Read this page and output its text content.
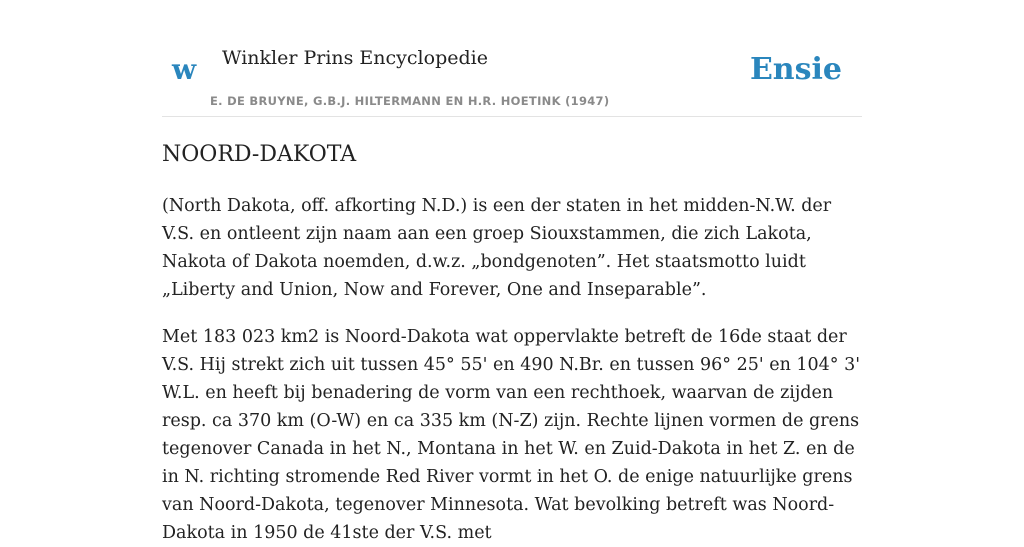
w Winkler Prins Encyclopedie
E. DE BRUYNE, G.B.J. HILTERMANN EN H.R. HOETINK (1947)
Ensie
NOORD-DAKOTA

(North Dakota, off. afkorting N.D.) is een der staten in het midden-N.W. der V.S. en ontleent zijn naam aan een groep Siouxstammen, die zich Lakota, Nakota of Dakota noemden, d.w.z. „bondgenoten”. Het staatsmotto luidt „Liberty and Union, Now and Forever, One and Inseparable”.

Met 183 023 km2 is Noord-Dakota wat oppervlakte betreft de 16de staat der V.S. Hij strekt zich uit tussen 45° 55' en 490 N.Br. en tussen 96° 25' en 104° 3' W.L. en heeft bij benadering de vorm van een rechthoek, waarvan de zijden resp. ca 370 km (O-W) en ca 335 km (N-Z) zijn. Rechte lijnen vormen de grens tegenover Canada in het N., Montana in het W. en Zuid-Dakota in het Z. en de in N. richting stromende Red River vormt in het O. de enige natuurlijke grens van Noord-Dakota, tegenover Minnesota. Wat bevolking betreft was Noord-Dakota in 1950 de 41ste der V.S. met
